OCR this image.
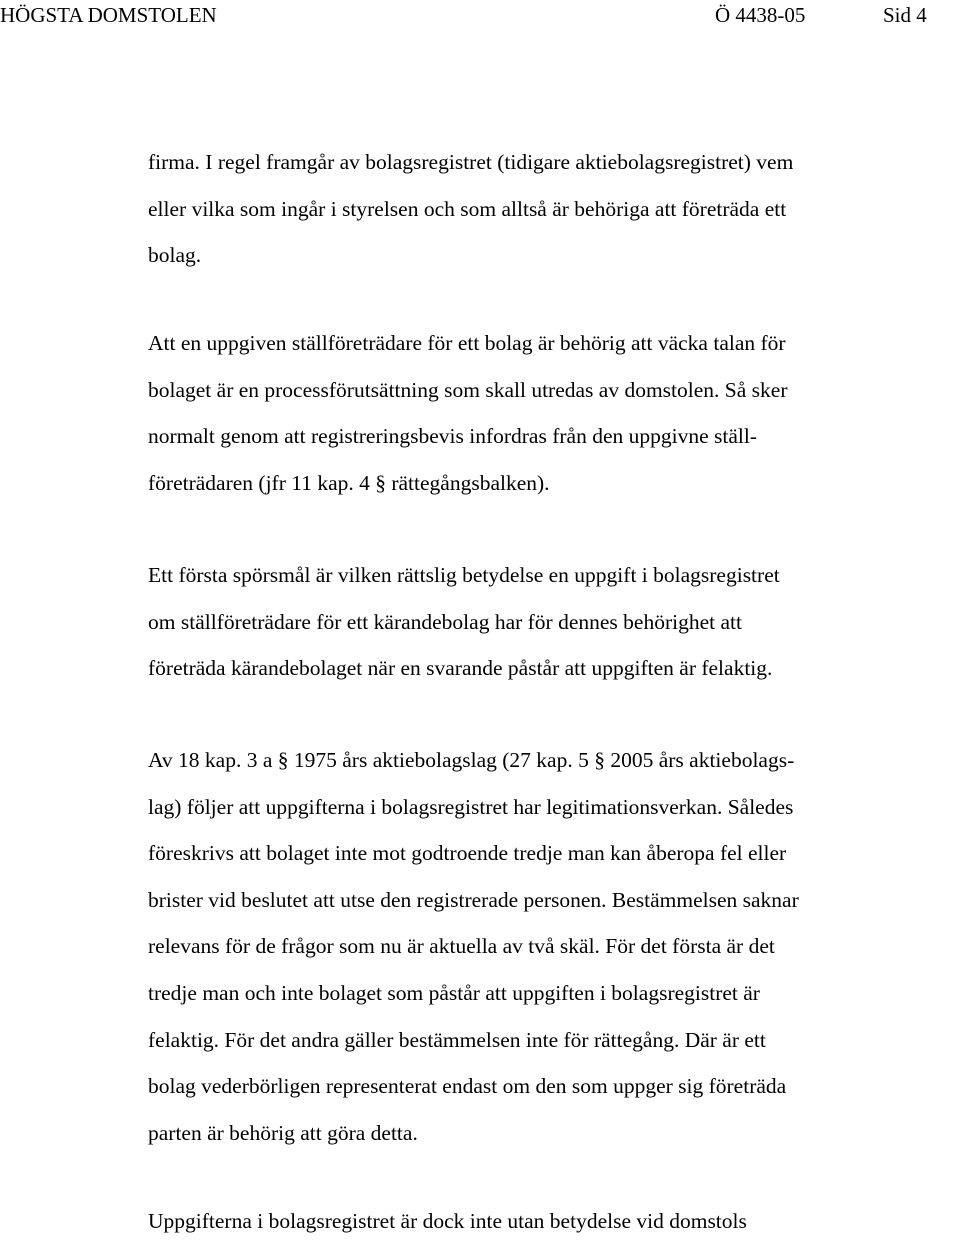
HÖGSTA DOMSTOLEN	Ö 4438-05	Sid 4
firma. I regel framgår av bolagsregistret (tidigare aktiebolagsregistret) vem
eller vilka som ingår i styrelsen och som alltså är behöriga att företräda ett
bolag.
Att en uppgiven ställföreträdare för ett bolag är behörig att väcka talan för
bolaget är en processförutsättning som skall utredas av domstolen. Så sker
normalt genom att registreringsbevis infordras från den uppgivne ställ-
företrädaren (jfr 11 kap. 4 § rättegångsbalken).
Ett första spörsmål är vilken rättslig betydelse en uppgift i bolagsregistret
om ställföreträdare för ett kärandebolag har för dennes behörighet att
företräda kärandebolaget när en svarande påstår att uppgiften är felaktig.
Av 18 kap. 3 a § 1975 års aktiebolagslag (27 kap. 5 § 2005 års aktiebolags-
lag) följer att uppgifterna i bolagsregistret har legitimationsverkan. Således
föreskrivs att bolaget inte mot godtroende tredje man kan åberopa fel eller
brister vid beslutet att utse den registrerade personen. Bestämmelsen saknar
relevans för de frågor som nu är aktuella av två skäl. För det första är det
tredje man och inte bolaget som påstår att uppgiften i bolagsregistret är
felaktig. För det andra gäller bestämmelsen inte för rättegång. Där är ett
bolag vederbörligen representerat endast om den som uppger sig företräda
parten är behörig att göra detta.
Uppgifterna i bolagsregistret är dock inte utan betydelse vid domstols
